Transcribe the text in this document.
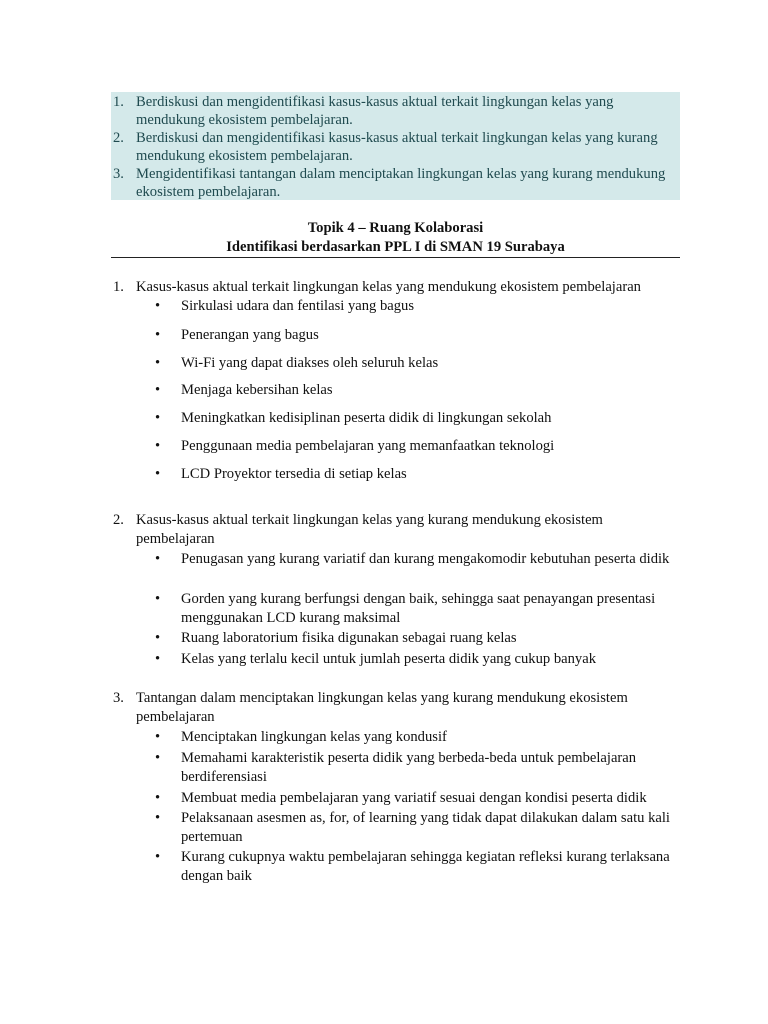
1. Berdiskusi dan mengidentifikasi kasus-kasus aktual terkait lingkungan kelas yang mendukung ekosistem pembelajaran.
2. Berdiskusi dan mengidentifikasi kasus-kasus aktual terkait lingkungan kelas yang kurang mendukung ekosistem pembelajaran.
3. Mengidentifikasi tantangan dalam menciptakan lingkungan kelas yang kurang mendukung ekosistem pembelajaran.
Topik 4 – Ruang Kolaborasi
Identifikasi berdasarkan PPL I di SMAN 19 Surabaya
1. Kasus-kasus aktual terkait lingkungan kelas yang mendukung ekosistem pembelajaran
•	Sirkulasi udara dan fentilasi yang bagus
•	Penerangan yang bagus
•	Wi-Fi yang dapat diakses oleh seluruh kelas
•	Menjaga kebersihan kelas
•	Meningkatkan kedisiplinan peserta didik di lingkungan sekolah
•	Penggunaan media pembelajaran yang memanfaatkan teknologi
•	LCD Proyektor tersedia di setiap kelas
2. Kasus-kasus aktual terkait lingkungan kelas yang kurang mendukung ekosistem pembelajaran
•	Penugasan yang kurang variatif dan kurang mengakomodir kebutuhan peserta didik
•	Gorden yang kurang berfungsi dengan baik, sehingga saat penayangan presentasi menggunakan LCD kurang maksimal
•	Ruang laboratorium fisika digunakan sebagai ruang kelas
•	Kelas yang terlalu kecil untuk jumlah peserta didik yang cukup banyak
3. Tantangan dalam menciptakan lingkungan kelas yang kurang mendukung ekosistem pembelajaran
•	Menciptakan lingkungan kelas yang kondusif
•	Memahami karakteristik peserta didik yang berbeda-beda untuk pembelajaran berdiferensiasi
•	Membuat media pembelajaran yang variatif sesuai dengan kondisi peserta didik
•	Pelaksanaan asesmen as, for, of learning yang tidak dapat dilakukan dalam satu kali pertemuan
•	Kurang cukupnya waktu pembelajaran sehingga kegiatan refleksi kurang terlaksana dengan baik
